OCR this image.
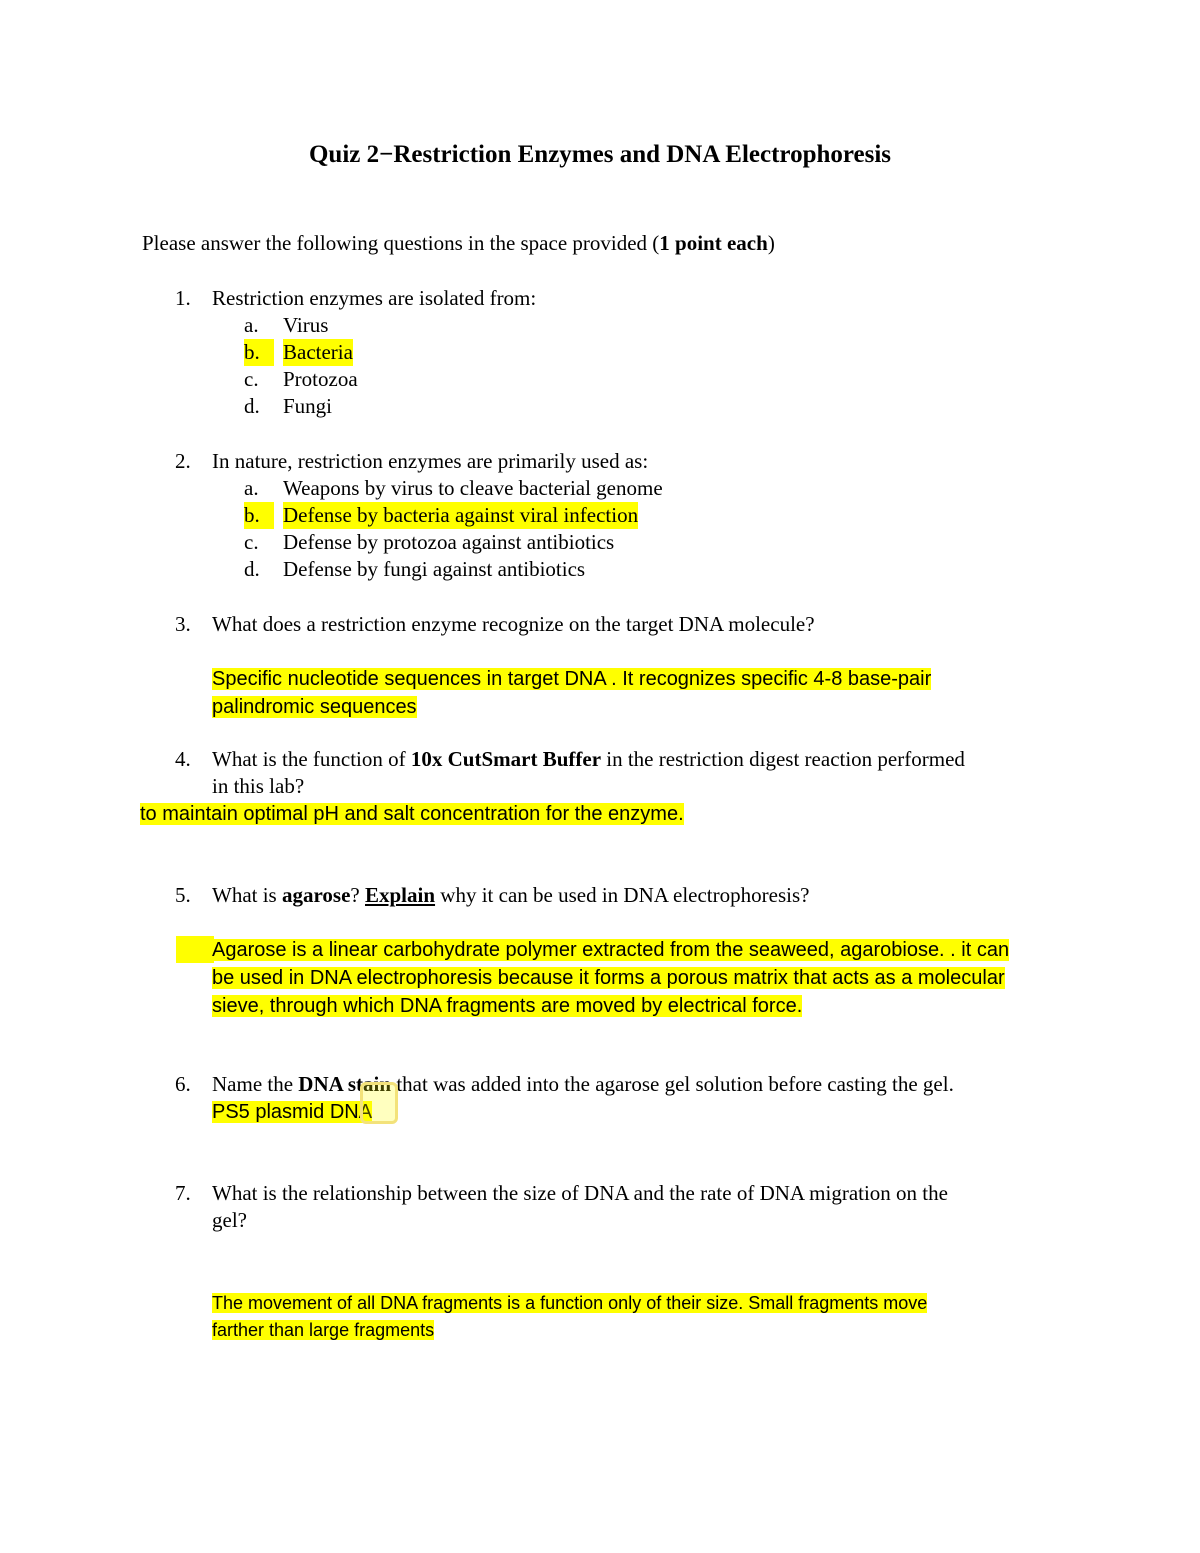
Quiz 2−Restriction Enzymes and DNA Electrophoresis
Please answer the following questions in the space provided (1 point each)
1. Restriction enzymes are isolated from:
a. Virus
b.	Bacteria
c. Protozoa
d. Fungi
2. In nature, restriction enzymes are primarily used as:
a. Weapons by virus to cleave bacterial genome
b.	Defense by bacteria against viral infection
c. Defense by protozoa against antibiotics
d. Defense by fungi against antibiotics
3. What does a restriction enzyme recognize on the target DNA molecule?
Specific nucleotide sequences in target DNA . It recognizes specific 4-8 base-pair
palindromic sequences
4. What is the function of 10x CutSmart Buffer in the restriction digest reaction performed
in this lab?
to maintain optimal pH and salt concentration for the enzyme.
5. What is agarose? Explain why it can be used in DNA electrophoresis?
Agarose is a linear carbohydrate polymer extracted from the seaweed, agarobiose. . it can
be used in DNA electrophoresis because it forms a porous matrix that acts as a molecular
sieve, through which DNA fragments are moved by electrical force.
6. Name the DNA stain that was added into the agarose gel solution before casting the gel.
PS5 plasmid DNA
7. What is the relationship between the size of DNA and the rate of DNA migration on the
gel?
The movement of all DNA fragments is a function only of their size. Small fragments move
farther than large fragments
